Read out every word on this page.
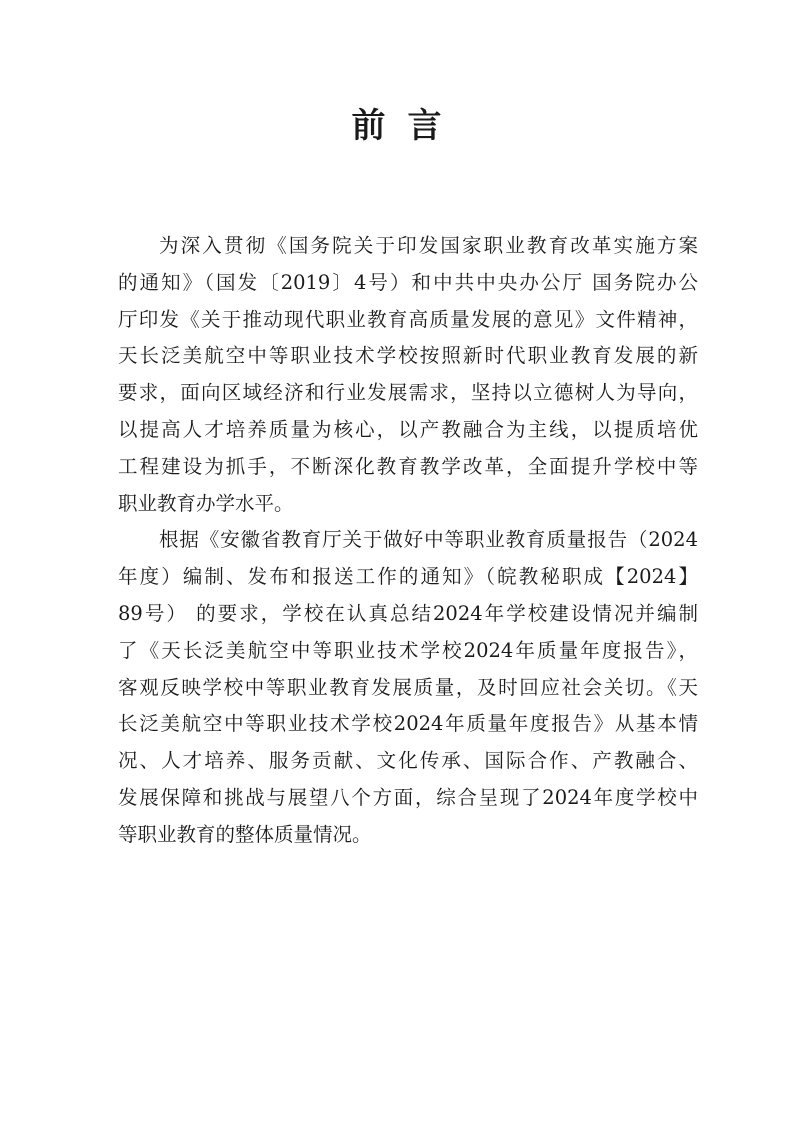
前言
为深入贯彻《国务院关于印发国家职业教育改革实施方案
的通知》（国发〔2019〕4号）和中共中央办公厅 国务院办公
厅印发《关于推动现代职业教育高质量发展的意见》文件精神，
天长泛美航空中等职业技术学校按照新时代职业教育发展的新
要求，面向区域经济和行业发展需求，坚持以立德树人为导向，
以提高人才培养质量为核心，以产教融合为主线，以提质培优
工程建设为抓手，不断深化教育教学改革，全面提升学校中等
职业教育办学水平。
根据《安徽省教育厅关于做好中等职业教育质量报告（2024
年度）编制、发布和报送工作的通知》（皖教秘职成【2024】
89号） 的要求，学校在认真总结2024年学校建设情况并编制
了《天长泛美航空中等职业技术学校2024年质量年度报告》，
客观反映学校中等职业教育发展质量，及时回应社会关切。《天
长泛美航空中等职业技术学校2024年质量年度报告》从基本情
况、人才培养、服务贡献、文化传承、国际合作、产教融合、
发展保障和挑战与展望八个方面，综合呈现了2024年度学校中
等职业教育的整体质量情况。
